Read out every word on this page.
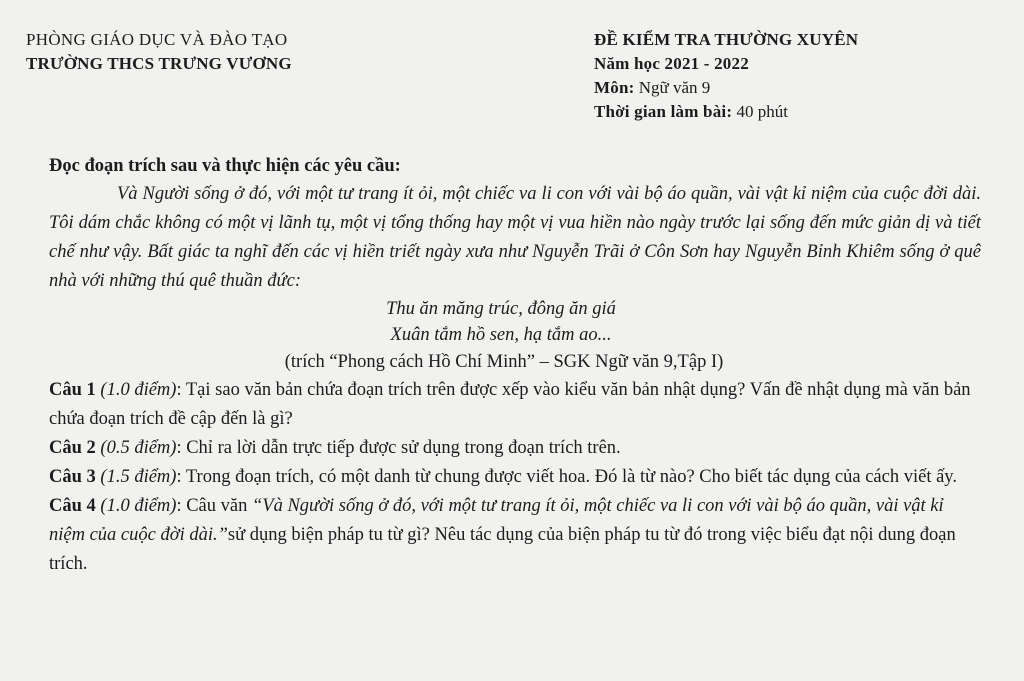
PHÒNG GIÁO DỤC VÀ ĐÀO TẠO
TRƯỜNG THCS TRƯNG VƯƠNG
ĐỀ KIỂM TRA THƯỜNG XUYÊN
Năm học 2021 - 2022
Môn: Ngữ văn 9
Thời gian làm bài: 40 phút

Đọc đoạn trích sau và thực hiện các yêu cầu:

Và Người sống ở đó, với một tư trang ít ỏi, một chiếc va li con với vài bộ áo quần, vài vật kỉ niệm của cuộc đời dài. Tôi dám chắc không có một vị lãnh tụ, một vị tổng thống hay một vị vua hiền nào ngày trước lại sống đến mức giản dị và tiết chế như vậy. Bất giác ta nghĩ đến các vị hiền triết ngày xưa như Nguyễn Trãi ở Côn Sơn hay Nguyễn Bỉnh Khiêm sống ở quê nhà với những thú quê thuần đức:

Thu ăn măng trúc, đông ăn giá

Xuân tắm hồ sen, hạ tắm ao...

(trích “Phong cách Hồ Chí Minh” – SGK Ngữ văn 9,Tập I)

Câu 1 (1.0 điểm): Tại sao văn bản chứa đoạn trích trên được xếp vào kiểu văn bản nhật dụng? Vấn đề nhật dụng mà văn bản chứa đoạn trích đề cập đến là gì?

Câu 2 (0.5 điểm): Chỉ ra lời dẫn trực tiếp được sử dụng trong đoạn trích trên.

Câu 3 (1.5 điểm): Trong đoạn trích, có một danh từ chung được viết hoa. Đó là từ nào? Cho biết tác dụng của cách viết ấy.

Câu 4 (1.0 điểm): Câu văn “Và Người sống ở đó, với một tư trang ít ỏi, một chiếc va li con với vài bộ áo quần, vài vật kỉ niệm của cuộc đời dài.”sử dụng biện pháp tu từ gì? Nêu tác dụng của biện pháp tu từ đó trong việc biểu đạt nội dung đoạn trích.
